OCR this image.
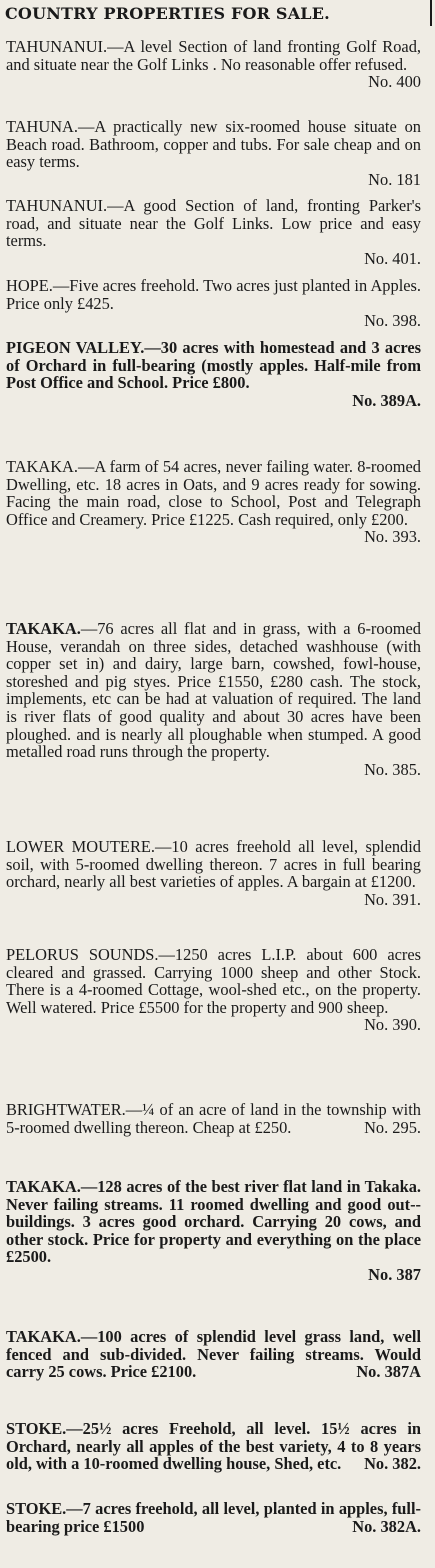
COUNTRY PROPERTIES FOR SALE.
TAHUNANUI.—A level Section of land fronting Golf Road, and situate near the Golf Links . No reasonable offer refused.
No. 400
TAHUNA.—A practically new six-roomed house situate on Beach road. Bathroom, copper and tubs. For sale cheap and on easy terms.
No. 181
TAHUNANUI.—A good Section of land, fronting Parker's road, and situate near the Golf Links. Low price and easy terms.
No. 401.
HOPE.—Five acres freehold. Two acres just planted in Apples. Price only £425.
No. 398.
PIGEON VALLEY.—30 acres with homestead and 3 acres of Orchard in full-bearing (mostly apples. Half-mile from Post Office and School. Price £800.
No. 389A.
TAKAKA.—A farm of 54 acres, never failing water. 8-roomed Dwelling, etc. 18 acres in Oats, and 9 acres ready for sowing. Facing the main road, close to School, Post and Telegraph Office and Creamery. Price £1225. Cash required, only £200.
No. 393.
TAKAKA.—76 acres all flat and in grass, with a 6-roomed House, verandah on three sides, detached washhouse (with copper set in) and dairy, large barn, cowshed, fowl-house, storeshed and pig styes. Price £1550, £280 cash. The stock, implements, etc can be had at valuation of required. The land is river flats of good quality and about 30 acres have been ploughed. and is nearly all ploughable when stumped. A good metalled road runs through the property.
No. 385.
LOWER MOUTERE.—10 acres freehold all level, splendid soil, with 5-roomed dwelling thereon. 7 acres in full bearing orchard, nearly all best varieties of apples. A bargain at £1200.
No. 391.
PELORUS SOUNDS.—1250 acres L.I.P. about 600 acres cleared and grassed. Carrying 1000 sheep and other Stock. There is a 4-roomed Cottage, wool-shed etc., on the property. Well watered. Price £5500 for the property and 900 sheep.
No. 390.
BRIGHTWATER.—¼ of an acre of land in the township with 5-roomed dwelling thereon. Cheap at £250.	No. 295.
TAKAKA.—128 acres of the best river flat land in Takaka. Never failing streams. 11 roomed dwelling and good out--buildings. 3 acres good orchard. Carrying 20 cows, and other stock. Price for property and everything on the place £2500.
No. 387
TAKAKA.—100 acres of splendid level grass land, well fenced and sub-divided. Never failing streams. Would carry 25 cows. Price £2100.	No. 387A
STOKE.—25½ acres Freehold, all level. 15½ acres in Orchard, nearly all apples of the best variety, 4 to 8 years old, with a 10-roomed dwelling house, Shed, etc. No. 382.
STOKE.—7 acres freehold, all level, planted in apples, full-bearing price £1500	No. 382A.
